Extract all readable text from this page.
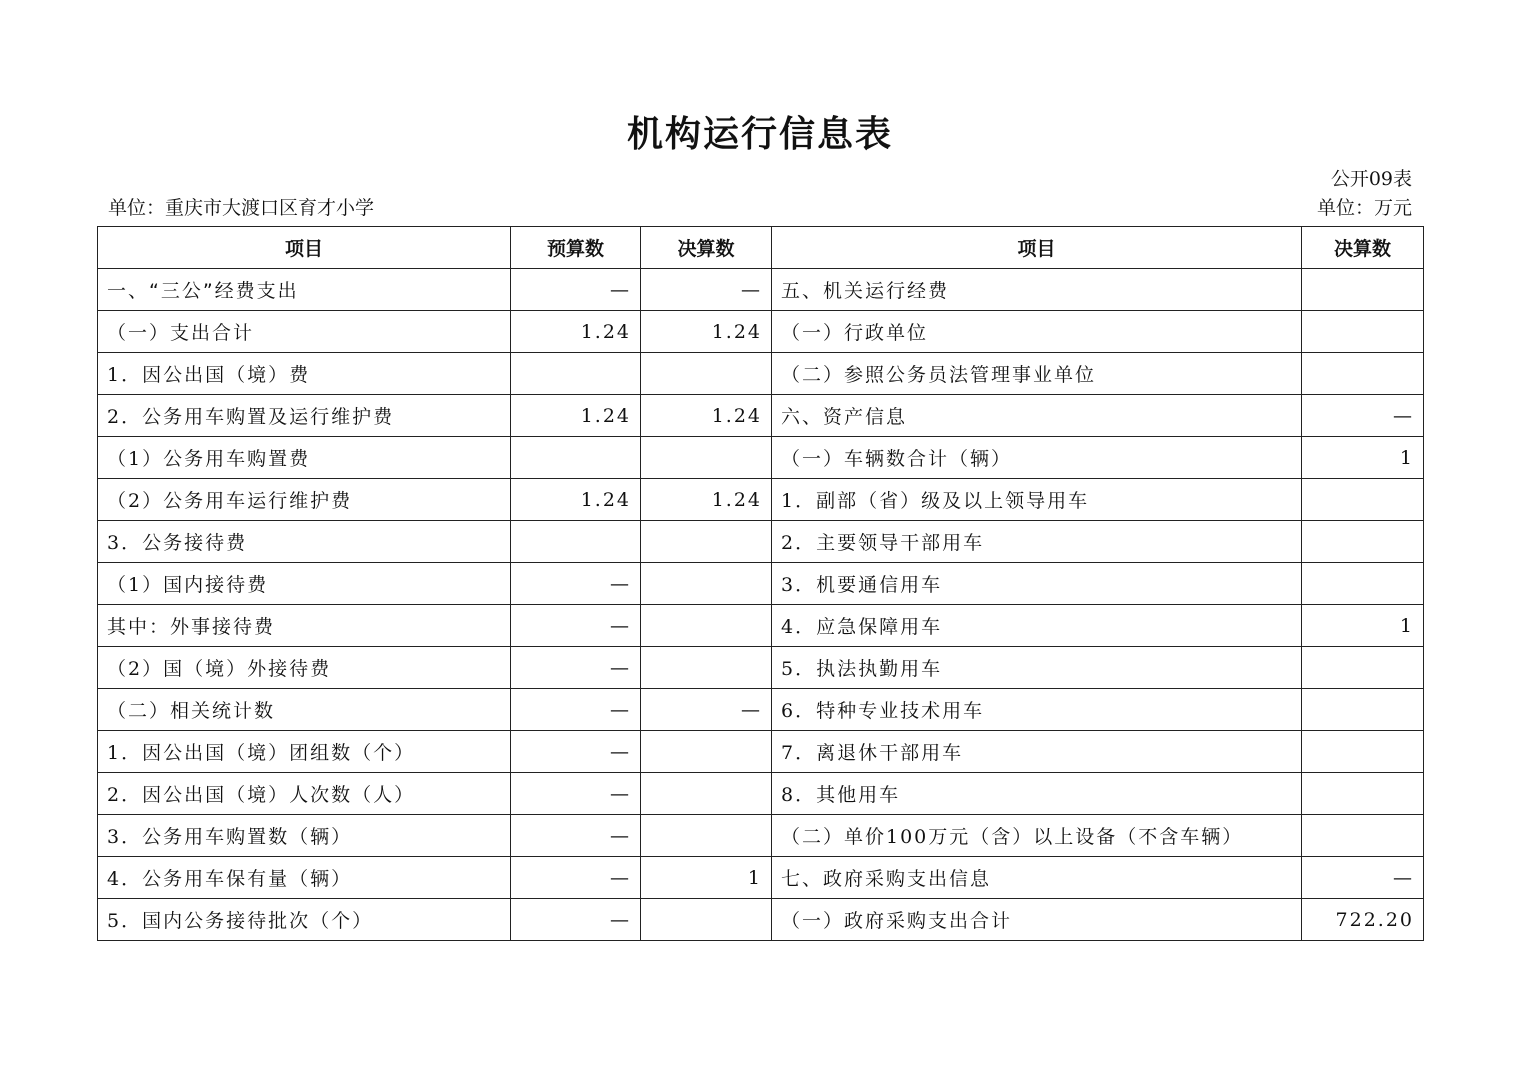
机构运行信息表
公开09表
单位：重庆市大渡口区育才小学	单位：万元
项目	预算数	决算数	项目	决算数
一、“三公”经费支出	—	—	五、机关运行经费	
（一）支出合计	1.24	1.24	（一）行政单位	
1．因公出国（境）费			（二）参照公务员法管理事业单位	
2．公务用车购置及运行维护费	1.24	1.24	六、资产信息	—
（1）公务用车购置费			（一）车辆数合计（辆）	1
（2）公务用车运行维护费	1.24	1.24	1．副部（省）级及以上领导用车	
3．公务接待费			2．主要领导干部用车	
（1）国内接待费	—		3．机要通信用车	
其中：外事接待费	—		4．应急保障用车	1
（2）国（境）外接待费	—		5．执法执勤用车	
（二）相关统计数	—	—	6．特种专业技术用车	
1．因公出国（境）团组数（个）	—		7．离退休干部用车	
2．因公出国（境）人次数（人）	—		8．其他用车	
3．公务用车购置数（辆）	—		（二）单价100万元（含）以上设备（不含车辆）	
4．公务用车保有量（辆）	—	1	七、政府采购支出信息	—
5．国内公务接待批次（个）	—		（一）政府采购支出合计	722.20
